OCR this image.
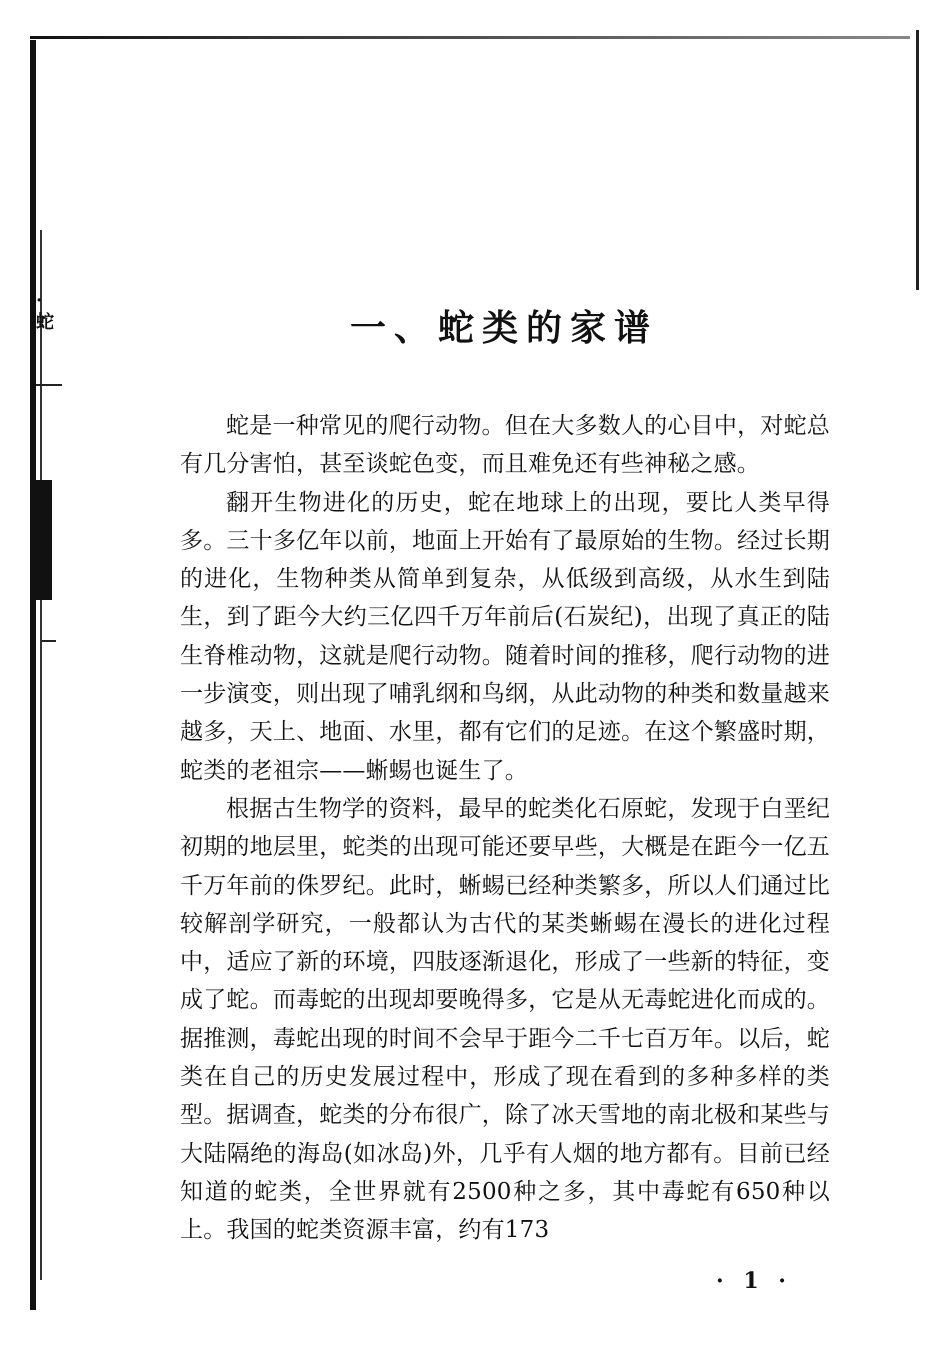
·蛇	一、蛇类的家谱

蛇是一种常见的爬行动物。但在大多数人的心目中，对蛇总有几分害怕，甚至谈蛇色变，而且难免还有些神秘之感。

翻开生物进化的历史，蛇在地球上的出现，要比人类早得多。三十多亿年以前，地面上开始有了最原始的生物。经过长期的进化，生物种类从简单到复杂，从低级到高级，从水生到陆生，到了距今大约三亿四千万年前后(石炭纪)，出现了真正的陆生脊椎动物，这就是爬行动物。随着时间的推移，爬行动物的进一步演变，则出现了哺乳纲和鸟纲，从此动物的种类和数量越来越多，天上、地面、水里，都有它们的足迹。在这个繁盛时期，蛇类的老祖宗——蜥蜴也诞生了。

根据古生物学的资料，最早的蛇类化石原蛇，发现于白垩纪初期的地层里，蛇类的出现可能还要早些，大概是在距今一亿五千万年前的侏罗纪。此时，蜥蜴已经种类繁多，所以人们通过比较解剖学研究，一般都认为古代的某类蜥蜴在漫长的进化过程中，适应了新的环境，四肢逐渐退化，形成了一些新的特征，变成了蛇。而毒蛇的出现却要晚得多，它是从无毒蛇进化而成的。据推测，毒蛇出现的时间不会早于距今二千七百万年。以后，蛇类在自己的历史发展过程中，形成了现在看到的多种多样的类型。据调查，蛇类的分布很广，除了冰天雪地的南北极和某些与大陆隔绝的海岛(如冰岛)外，几乎有人烟的地方都有。目前已经知道的蛇类，全世界就有2500种之多，其中毒蛇有650种以上。我国的蛇类资源丰富，约有173

· 1 ·
